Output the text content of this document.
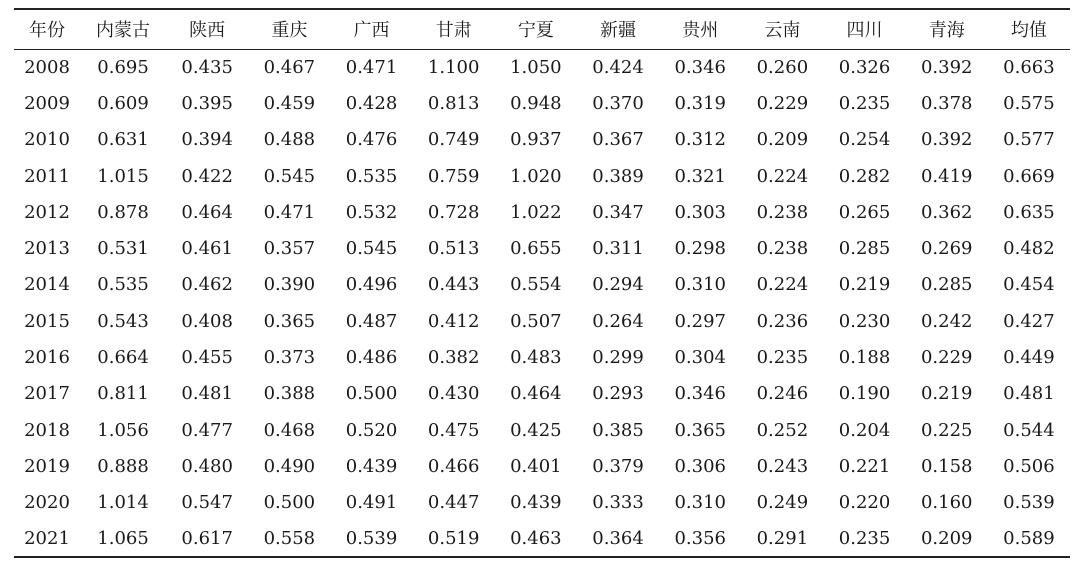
年份	内蒙古	陕西	重庆	广西	甘肃	宁夏	新疆	贵州	云南	四川	青海	均值
2008	0.695	0.435	0.467	0.471	1.100	1.050	0.424	0.346	0.260	0.326	0.392	0.663
2009	0.609	0.395	0.459	0.428	0.813	0.948	0.370	0.319	0.229	0.235	0.378	0.575
2010	0.631	0.394	0.488	0.476	0.749	0.937	0.367	0.312	0.209	0.254	0.392	0.577
2011	1.015	0.422	0.545	0.535	0.759	1.020	0.389	0.321	0.224	0.282	0.419	0.669
2012	0.878	0.464	0.471	0.532	0.728	1.022	0.347	0.303	0.238	0.265	0.362	0.635
2013	0.531	0.461	0.357	0.545	0.513	0.655	0.311	0.298	0.238	0.285	0.269	0.482
2014	0.535	0.462	0.390	0.496	0.443	0.554	0.294	0.310	0.224	0.219	0.285	0.454
2015	0.543	0.408	0.365	0.487	0.412	0.507	0.264	0.297	0.236	0.230	0.242	0.427
2016	0.664	0.455	0.373	0.486	0.382	0.483	0.299	0.304	0.235	0.188	0.229	0.449
2017	0.811	0.481	0.388	0.500	0.430	0.464	0.293	0.346	0.246	0.190	0.219	0.481
2018	1.056	0.477	0.468	0.520	0.475	0.425	0.385	0.365	0.252	0.204	0.225	0.544
2019	0.888	0.480	0.490	0.439	0.466	0.401	0.379	0.306	0.243	0.221	0.158	0.506
2020	1.014	0.547	0.500	0.491	0.447	0.439	0.333	0.310	0.249	0.220	0.160	0.539
2021	1.065	0.617	0.558	0.539	0.519	0.463	0.364	0.356	0.291	0.235	0.209	0.589
